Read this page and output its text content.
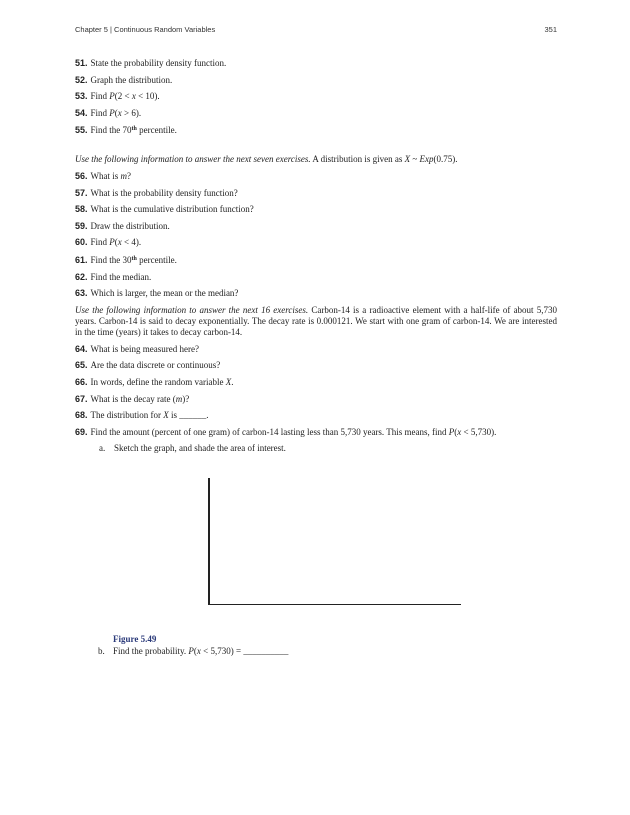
Chapter 5 | Continuous Random Variables	351
51. State the probability density function.
52. Graph the distribution.
53. Find P(2 < x < 10).
54. Find P(x > 6).
55. Find the 70th percentile.
Use the following information to answer the next seven exercises. A distribution is given as X ~ Exp(0.75).
56. What is m?
57. What is the probability density function?
58. What is the cumulative distribution function?
59. Draw the distribution.
60. Find P(x < 4).
61. Find the 30th percentile.
62. Find the median.
63. Which is larger, the mean or the median?
Use the following information to answer the next 16 exercises. Carbon-14 is a radioactive element with a half-life of about 5,730 years. Carbon-14 is said to decay exponentially. The decay rate is 0.000121. We start with one gram of carbon-14. We are interested in the time (years) it takes to decay carbon-14.
64. What is being measured here?
65. Are the data discrete or continuous?
66. In words, define the random variable X.
67. What is the decay rate (m)?
68. The distribution for X is ______.
69. Find the amount (percent of one gram) of carbon-14 lasting less than 5,730 years. This means, find P(x < 5,730).
a. Sketch the graph, and shade the area of interest.
Figure 5.49
b. Find the probability. P(x < 5,730) = __________
